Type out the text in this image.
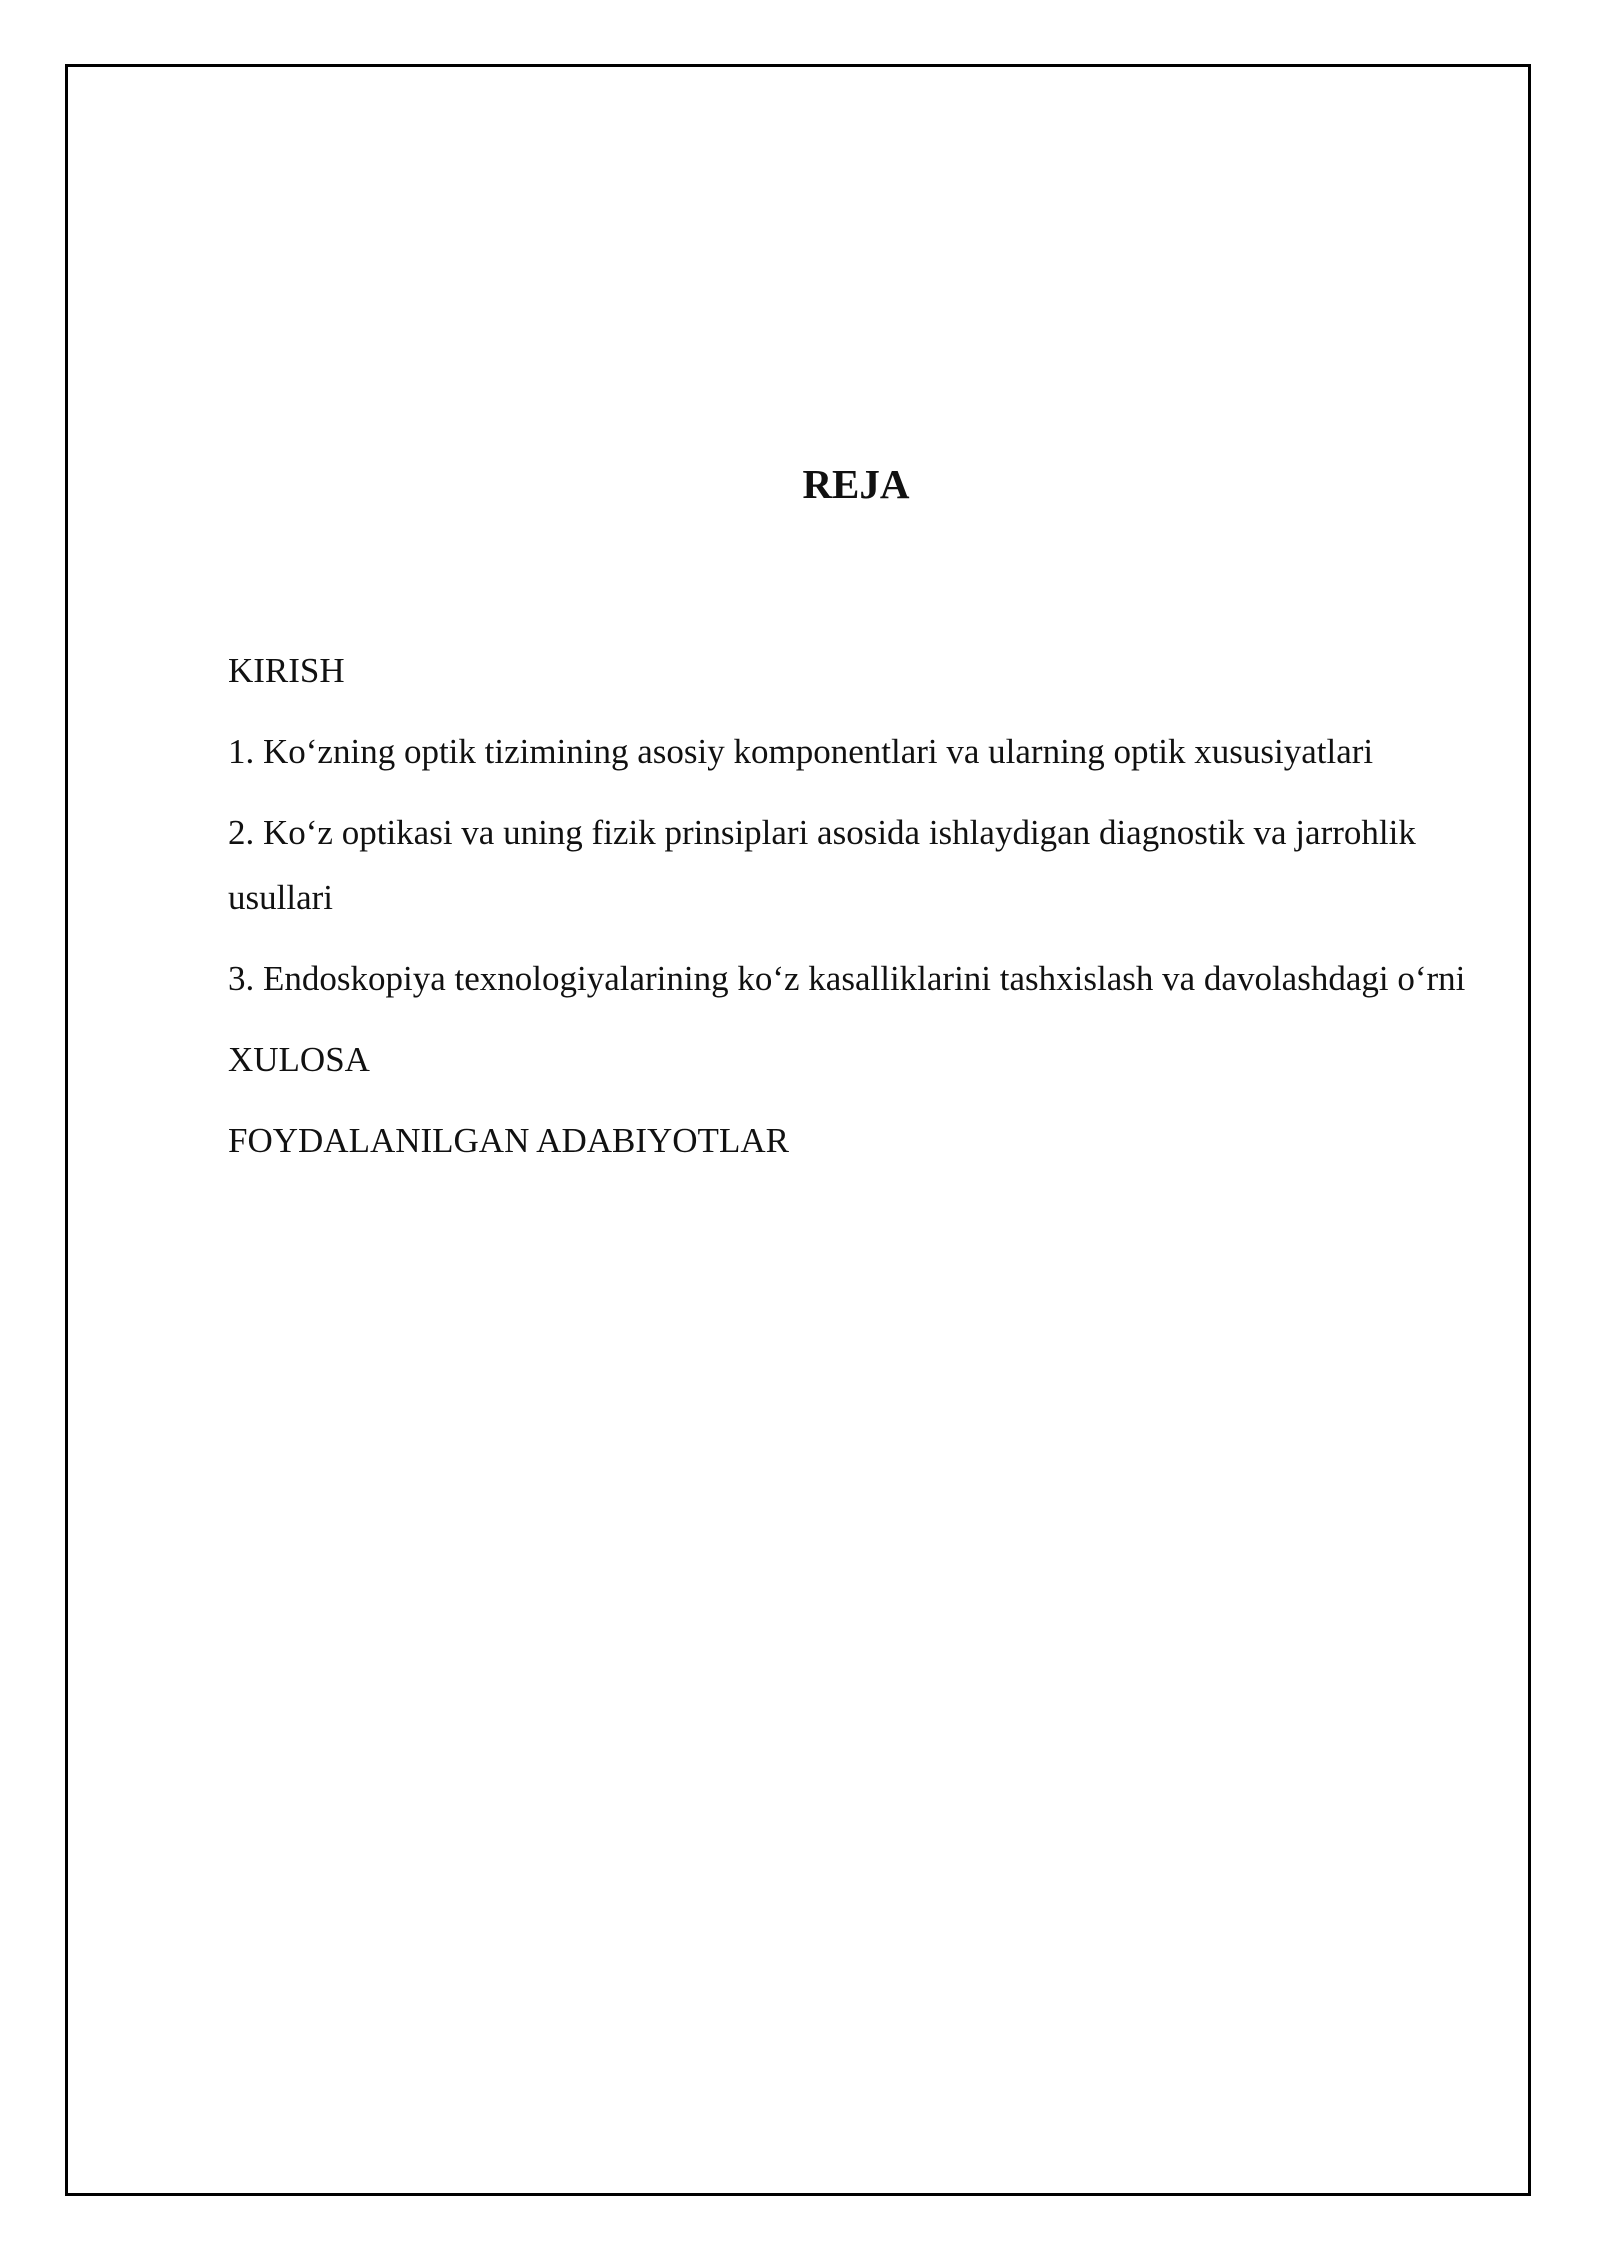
REJA
KIRISH
1. Ko‘zning optik tizimining asosiy komponentlari va ularning optik xususiyatlari
2. Ko‘z optikasi va uning fizik prinsiplari asosida ishlaydigan diagnostik va jarrohlik usullari
3. Endoskopiya texnologiyalarining ko‘z kasalliklarini tashxislash va davolashdagi o‘rni
XULOSA
FOYDALANILGAN ADABIYOTLAR
